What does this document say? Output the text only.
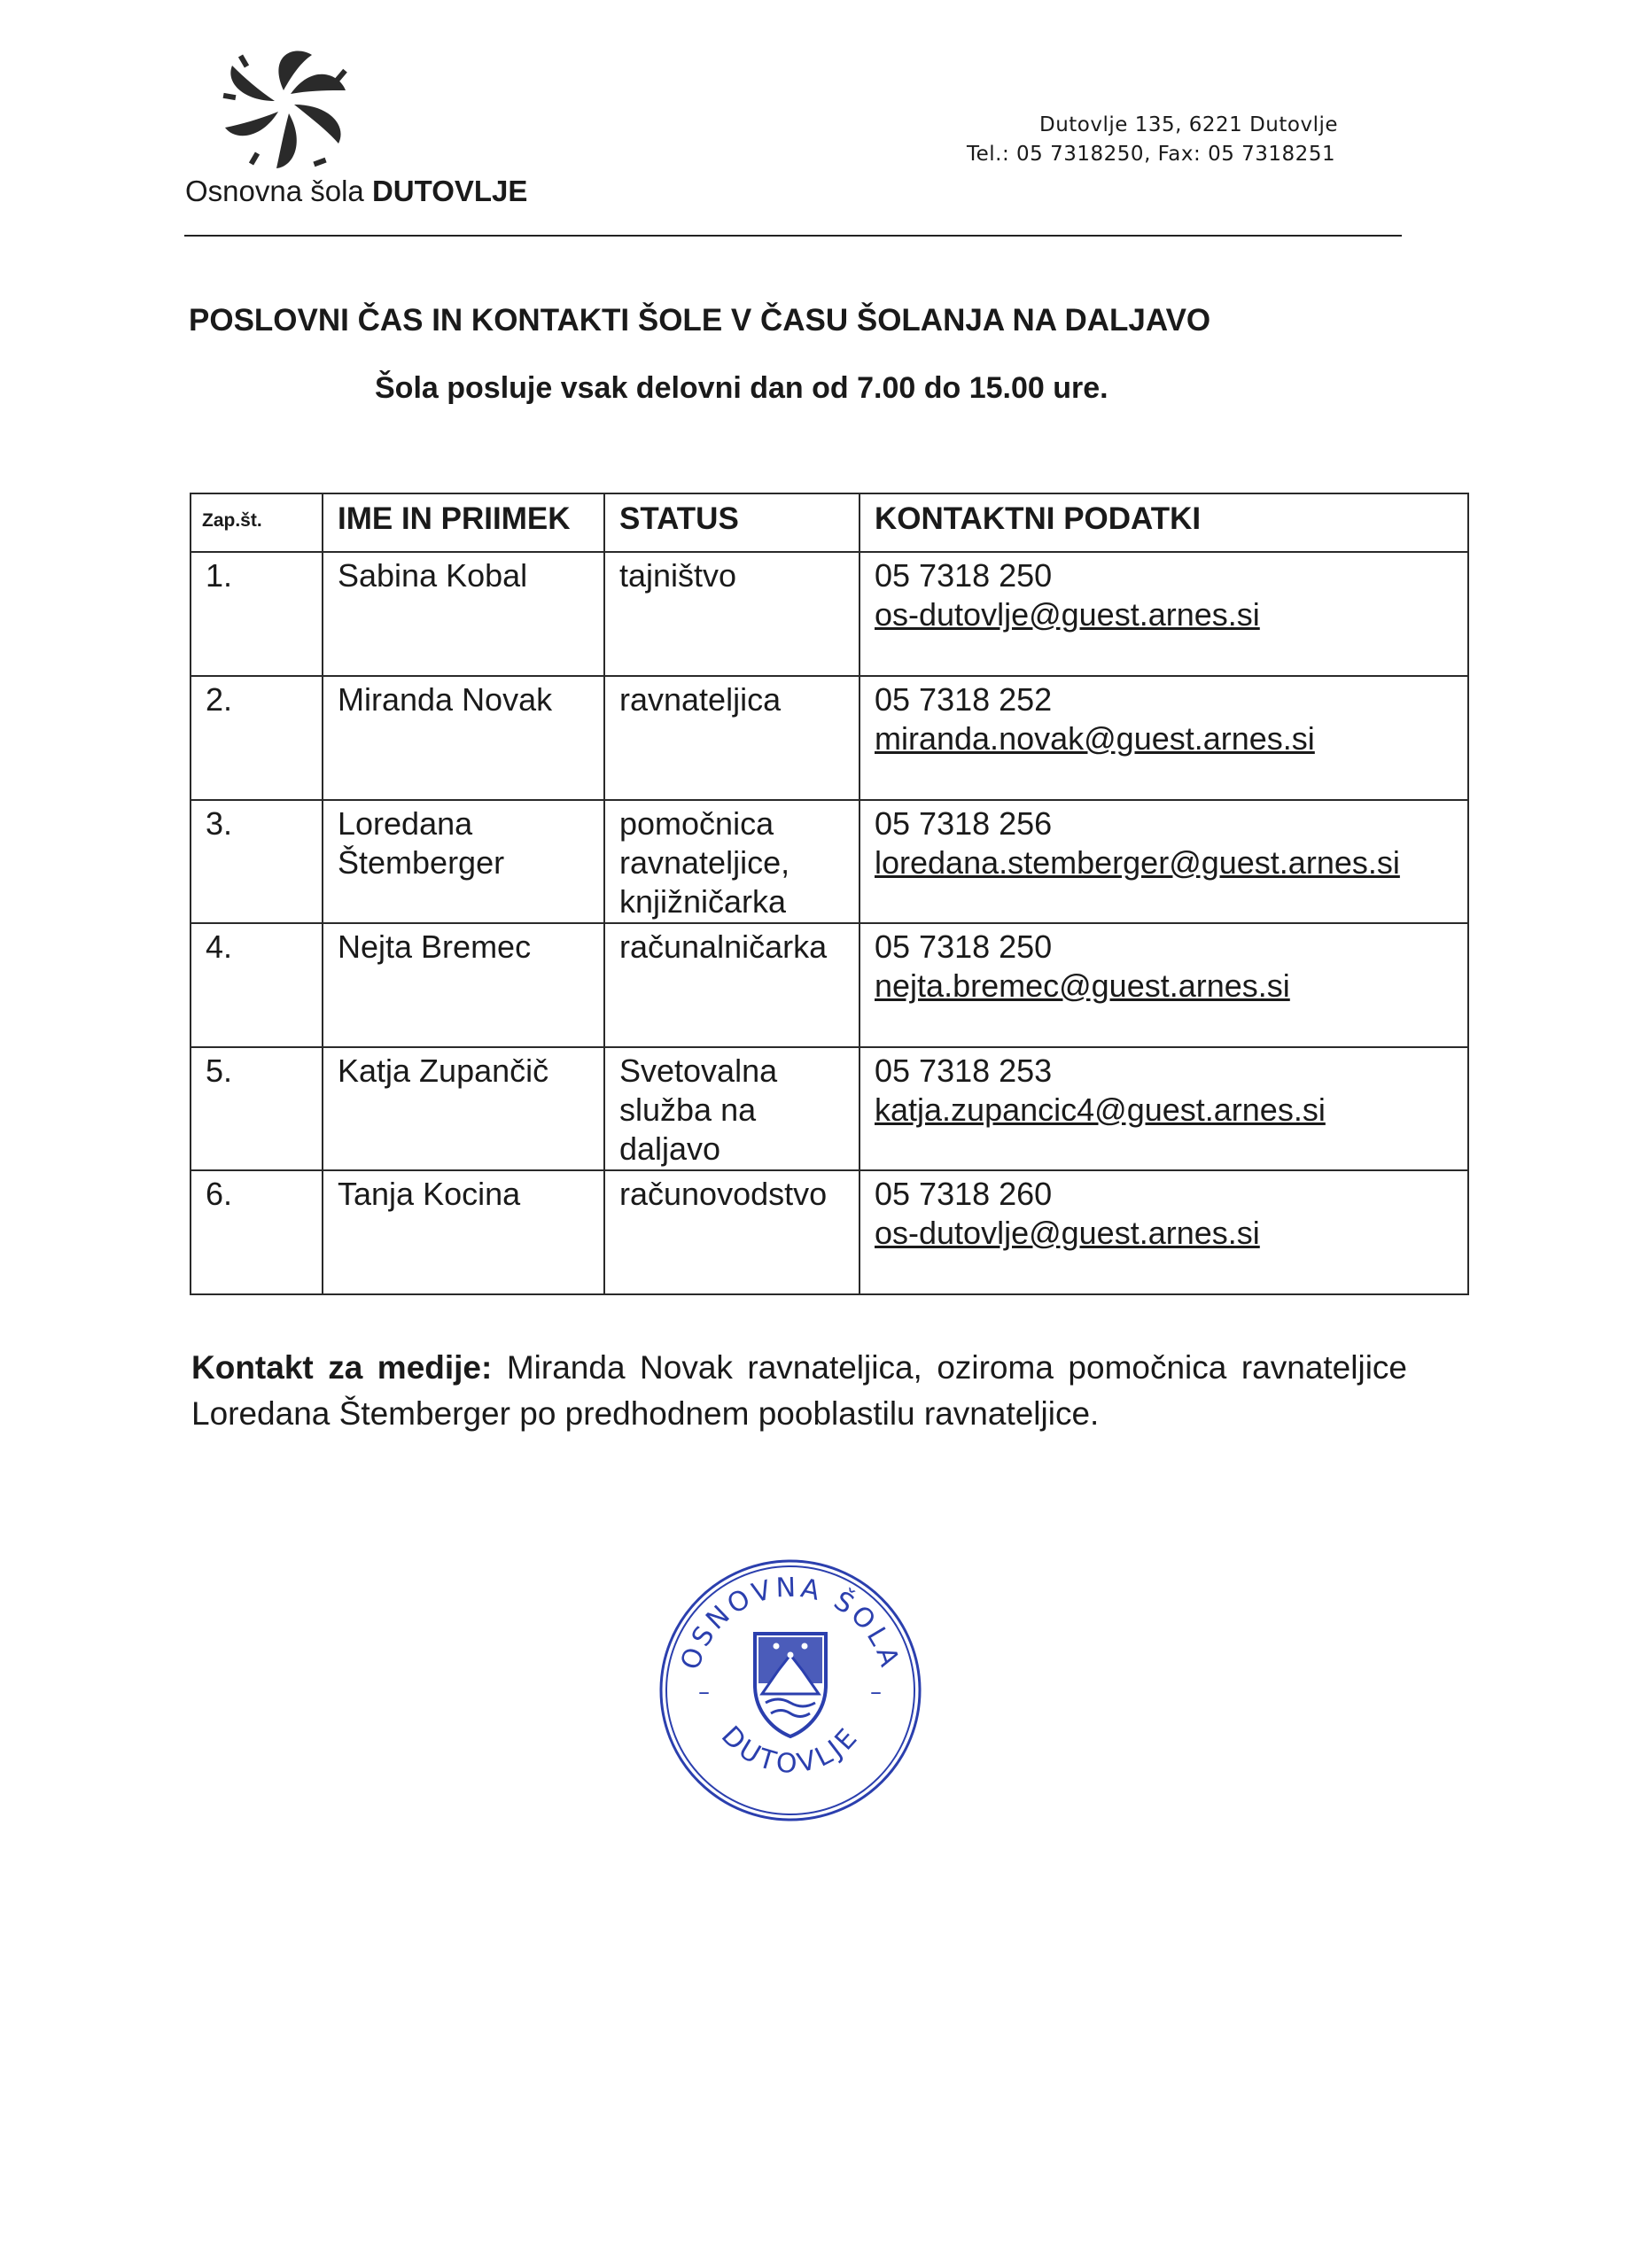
Osnovna šola DUTOVLJE
Dutovlje 135, 6221 Dutovlje
Tel.: 05 7318250, Fax: 05 7318251
POSLOVNI ČAS IN KONTAKTI ŠOLE V ČASU ŠOLANJA NA DALJAVO
Šola posluje vsak delovni dan od 7.00 do 15.00 ure.
Zap.št.	IME IN PRIIMEK	STATUS	KONTAKTNI PODATKI
1.	Sabina Kobal	tajništvo	05 7318 250
os-dutovlje@guest.arnes.si

2.	Miranda Novak	ravnateljica	05 7318 252
miranda.novak@guest.arnes.si

3.	Loredana
Štemberger	pomočnica
ravnateljice,
knjižničarka	05 7318 256
loredana.stemberger@guest.arnes.si

4.	Nejta Bremec	računalničarka	05 7318 250
nejta.bremec@guest.arnes.si

5.	Katja Zupančič	Svetovalna
služba na
daljavo	05 7318 253
katja.zupancic4@guest.arnes.si

6.	Tanja Kocina	računovodstvo	05 7318 260
os-dutovlje@guest.arnes.si
Kontakt za medije: Miranda Novak ravnateljica, oziroma pomočnica ravnateljice Loredana Štemberger po predhodnem pooblastilu ravnateljice.
OSNOVNA ŠOLA
DUTOVLJE
–	–
